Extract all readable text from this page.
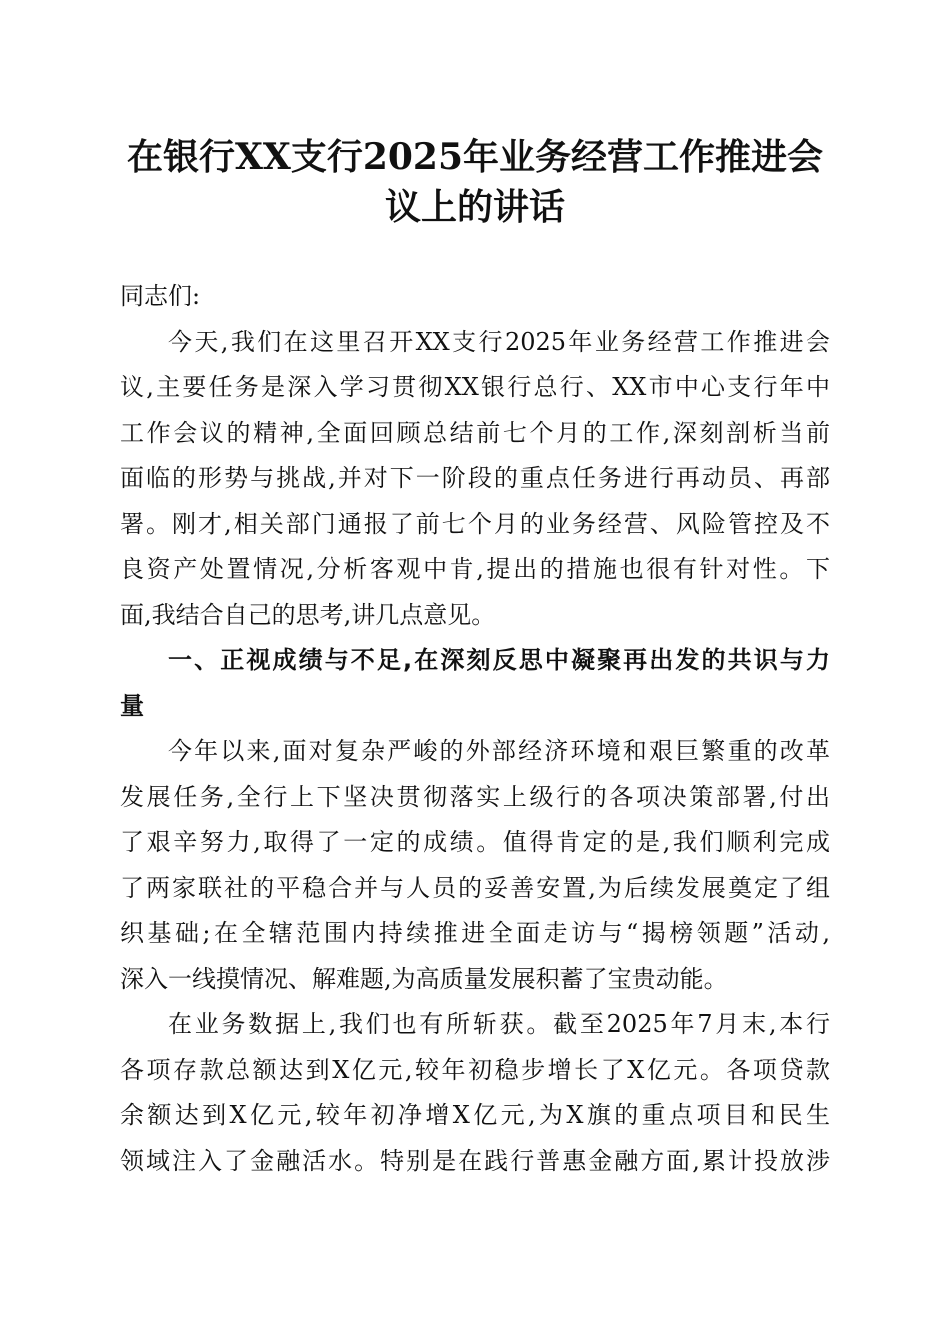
在银行XX支行2025年业务经营工作推进会
议上的讲话
同志们:
今天,我们在这里召开XX支行2025年业务经营工作推进会
议,主要任务是深入学习贯彻XX银行总行、XX市中心支行年中
工作会议的精神,全面回顾总结前七个月的工作,深刻剖析当前
面临的形势与挑战,并对下一阶段的重点任务进行再动员、再部
署。刚才,相关部门通报了前七个月的业务经营、风险管控及不
良资产处置情况,分析客观中肯,提出的措施也很有针对性。下
面,我结合自己的思考,讲几点意见。
一、正视成绩与不足,在深刻反思中凝聚再出发的共识与力
量
今年以来,面对复杂严峻的外部经济环境和艰巨繁重的改革
发展任务,全行上下坚决贯彻落实上级行的各项决策部署,付出
了艰辛努力,取得了一定的成绩。值得肯定的是,我们顺利完成
了两家联社的平稳合并与人员的妥善安置,为后续发展奠定了组
织基础;在全辖范围内持续推进全面走访与“揭榜领题”活动,
深入一线摸情况、解难题,为高质量发展积蓄了宝贵动能。
在业务数据上,我们也有所斩获。截至2025年7月末,本行
各项存款总额达到X亿元,较年初稳步增长了X亿元。各项贷款
余额达到X亿元,较年初净增X亿元,为X旗的重点项目和民生
领域注入了金融活水。特别是在践行普惠金融方面,累计投放涉
